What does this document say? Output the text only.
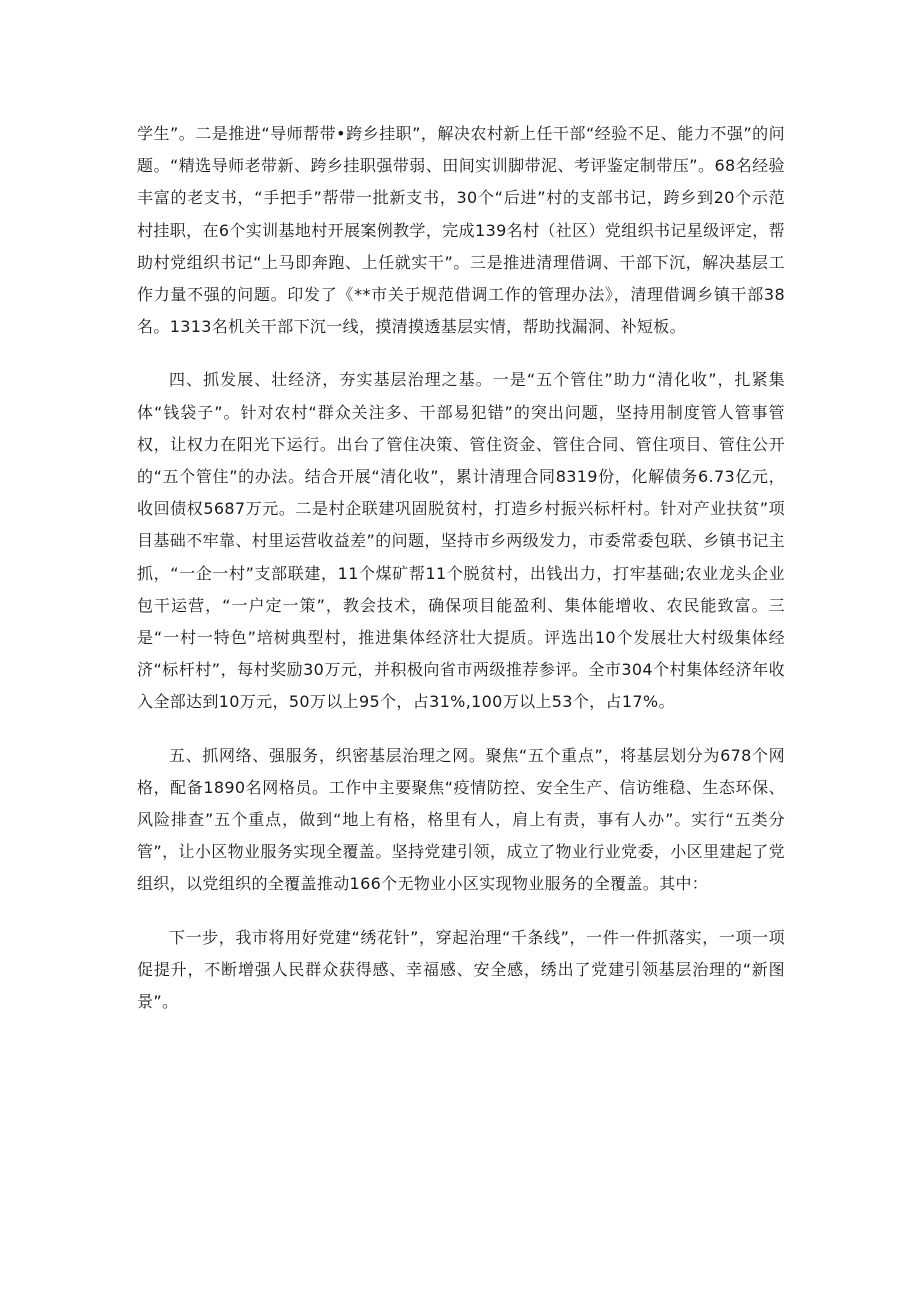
学生”。二是推进“导师帮带•跨乡挂职”，解决农村新上任干部“经验不足、能力不强”的问题。“精选导师老带新、跨乡挂职强带弱、田间实训脚带泥、考评鉴定制带压”。68名经验丰富的老支书，“手把手”帮带一批新支书，30个“后进”村的支部书记，跨乡到20个示范村挂职，在6个实训基地村开展案例教学，完成139名村（社区）党组织书记星级评定，帮助村党组织书记“上马即奔跑、上任就实干”。三是推进清理借调、干部下沉，解决基层工作力量不强的问题。印发了《**市关于规范借调工作的管理办法》，清理借调乡镇干部38名。1313名机关干部下沉一线，摸清摸透基层实情，帮助找漏洞、补短板。

四、抓发展、壮经济，夯实基层治理之基。一是“五个管住”助力“清化收”，扎紧集体“钱袋子”。针对农村“群众关注多、干部易犯错”的突出问题，坚持用制度管人管事管权，让权力在阳光下运行。出台了管住决策、管住资金、管住合同、管住项目、管住公开的“五个管住”的办法。结合开展“清化收”，累计清理合同8319份，化解债务6.73亿元，收回债权5687万元。二是村企联建巩固脱贫村，打造乡村振兴标杆村。针对产业扶贫”项目基础不牢靠、村里运营收益差”的问题，坚持市乡两级发力，市委常委包联、乡镇书记主抓，“一企一村”支部联建，11个煤矿帮11个脱贫村，出钱出力，打牢基础;农业龙头企业包干运营，“一户定一策”，教会技术，确保项目能盈利、集体能增收、农民能致富。三是“一村一特色”培树典型村，推进集体经济壮大提质。评选出10个发展壮大村级集体经济“标杆村”，每村奖励30万元，并积极向省市两级推荐参评。全市304个村集体经济年收入全部达到10万元，50万以上95个，占31%,100万以上53个，占17%。

五、抓网络、强服务，织密基层治理之网。聚焦“五个重点”，将基层划分为678个网格，配备1890名网格员。工作中主要聚焦“疫情防控、安全生产、信访维稳、生态环保、风险排查”五个重点，做到“地上有格，格里有人，肩上有责，事有人办”。实行“五类分管”，让小区物业服务实现全覆盖。坚持党建引领，成立了物业行业党委，小区里建起了党组织，以党组织的全覆盖推动166个无物业小区实现物业服务的全覆盖。其中：

下一步，我市将用好党建“绣花针”，穿起治理“千条线”，一件一件抓落实，一项一项促提升，不断增强人民群众获得感、幸福感、安全感，绣出了党建引领基层治理的“新图景”。
